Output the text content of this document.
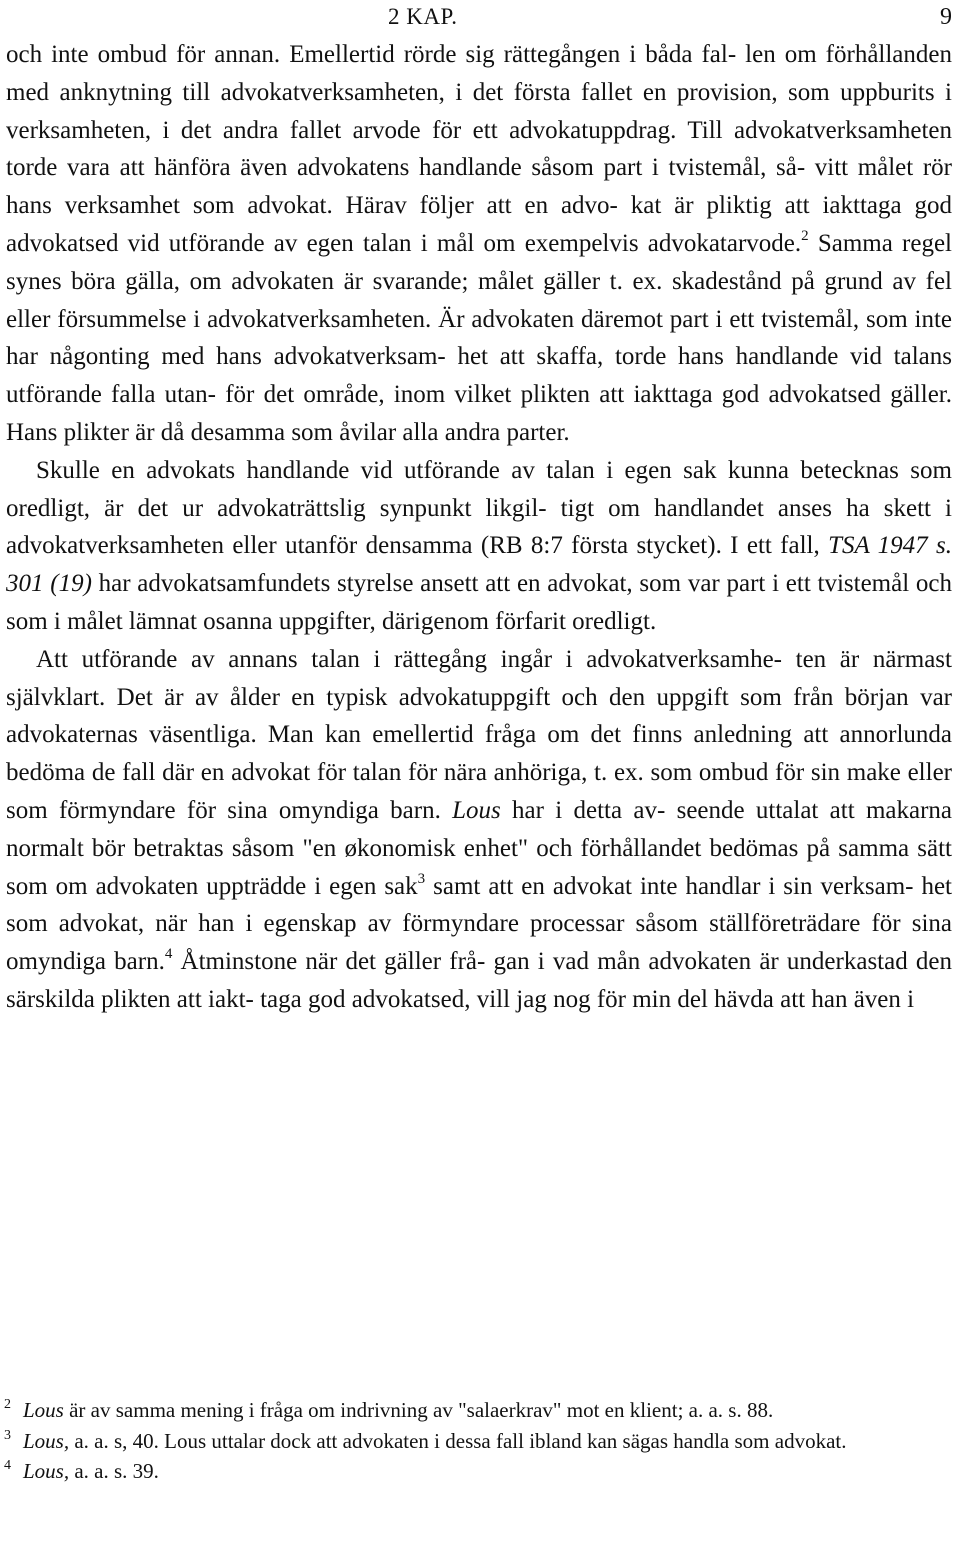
2 KAP.	9

och inte ombud för annan. Emellertid rörde sig rättegången i båda fal- len om förhållanden med anknytning till advokatverksamheten, i det första fallet en provision, som uppburits i verksamheten, i det andra fallet arvode för ett advokatuppdrag. Till advokatverksamheten torde vara att hänföra även advokatens handlande såsom part i tvistemål, så- vitt målet rör hans verksamhet som advokat. Härav följer att en advo- kat är pliktig att iakttaga god advokatsed vid utförande av egen talan i mål om exempelvis advokatarvode.$^2$ Samma regel synes böra gälla, om advokaten är svarande; målet gäller t. ex. skadestånd på grund av fel eller försummelse i advokatverksamheten. Är advokaten däremot part i ett tvistemål, som inte har någonting med hans advokatverksam- het att skaffa, torde hans handlande vid talans utförande falla utan- för det område, inom vilket plikten att iakttaga god advokatsed gäller. Hans plikter är då desamma som åvilar alla andra parter.

Skulle en advokats handlande vid utförande av talan i egen sak kunna betecknas som oredligt, är det ur advokaträttslig synpunkt likgil- tigt om handlandet anses ha skett i advokatverksamheten eller utanför densamma (RB 8:7 första stycket). I ett fall, TSA 1947 s. 301 (19) har advokatsamfundets styrelse ansett att en advokat, som var part i ett tvistemål och som i målet lämnat osanna uppgifter, därigenom förfarit oredligt.

Att utförande av annans talan i rättegång ingår i advokatverksamhe- ten är närmast självklart. Det är av ålder en typisk advokatuppgift och den uppgift som från början var advokaternas väsentliga. Man kan emellertid fråga om det finns anledning att annorlunda bedöma de fall där en advokat för talan för nära anhöriga, t. ex. som ombud för sin make eller som förmyndare för sina omyndiga barn. Lous har i detta av- seende uttalat att makarna normalt bör betraktas såsom "en økonomisk enhet" och förhållandet bedömas på samma sätt som om advokaten uppträdde i egen sak$^3$ samt att en advokat inte handlar i sin verksam- het som advokat, när han i egenskap av förmyndare processar såsom ställföreträdare för sina omyndiga barn.$^4$ Åtminstone när det gäller frå- gan i vad mån advokaten är underkastad den särskilda plikten att iakt- taga god advokatsed, vill jag nog för min del hävda att han även i

$^2$ Lous är av samma mening i fråga om indrivning av "salaerkrav" mot en klient; a. a. s. 88.

$^3$ Lous, a. a. s, 40. Lous uttalar dock att advokaten i dessa fall ibland kan sägas handla som advokat.

$^4$ Lous, a. a. s. 39.
